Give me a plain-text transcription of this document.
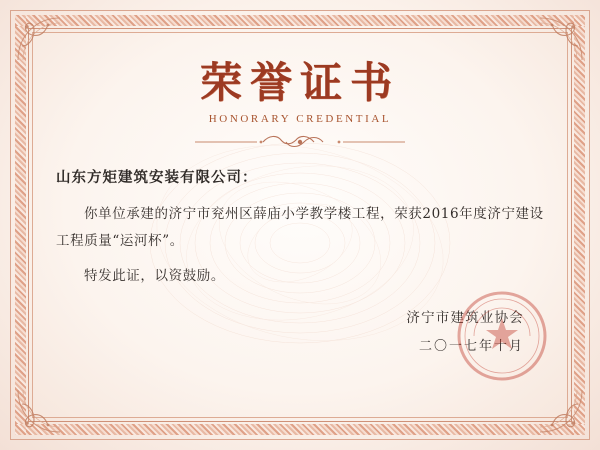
荣誉证书
HONORARY CREDENTIAL
山东方矩建筑安装有限公司：
你单位承建的济宁市兖州区薛庙小学教学楼工程，荣获2016年度济宁建设
工程质量“运河杯”。
特发此证，以资鼓励。
济宁市建筑业协会
二〇一七年十月
